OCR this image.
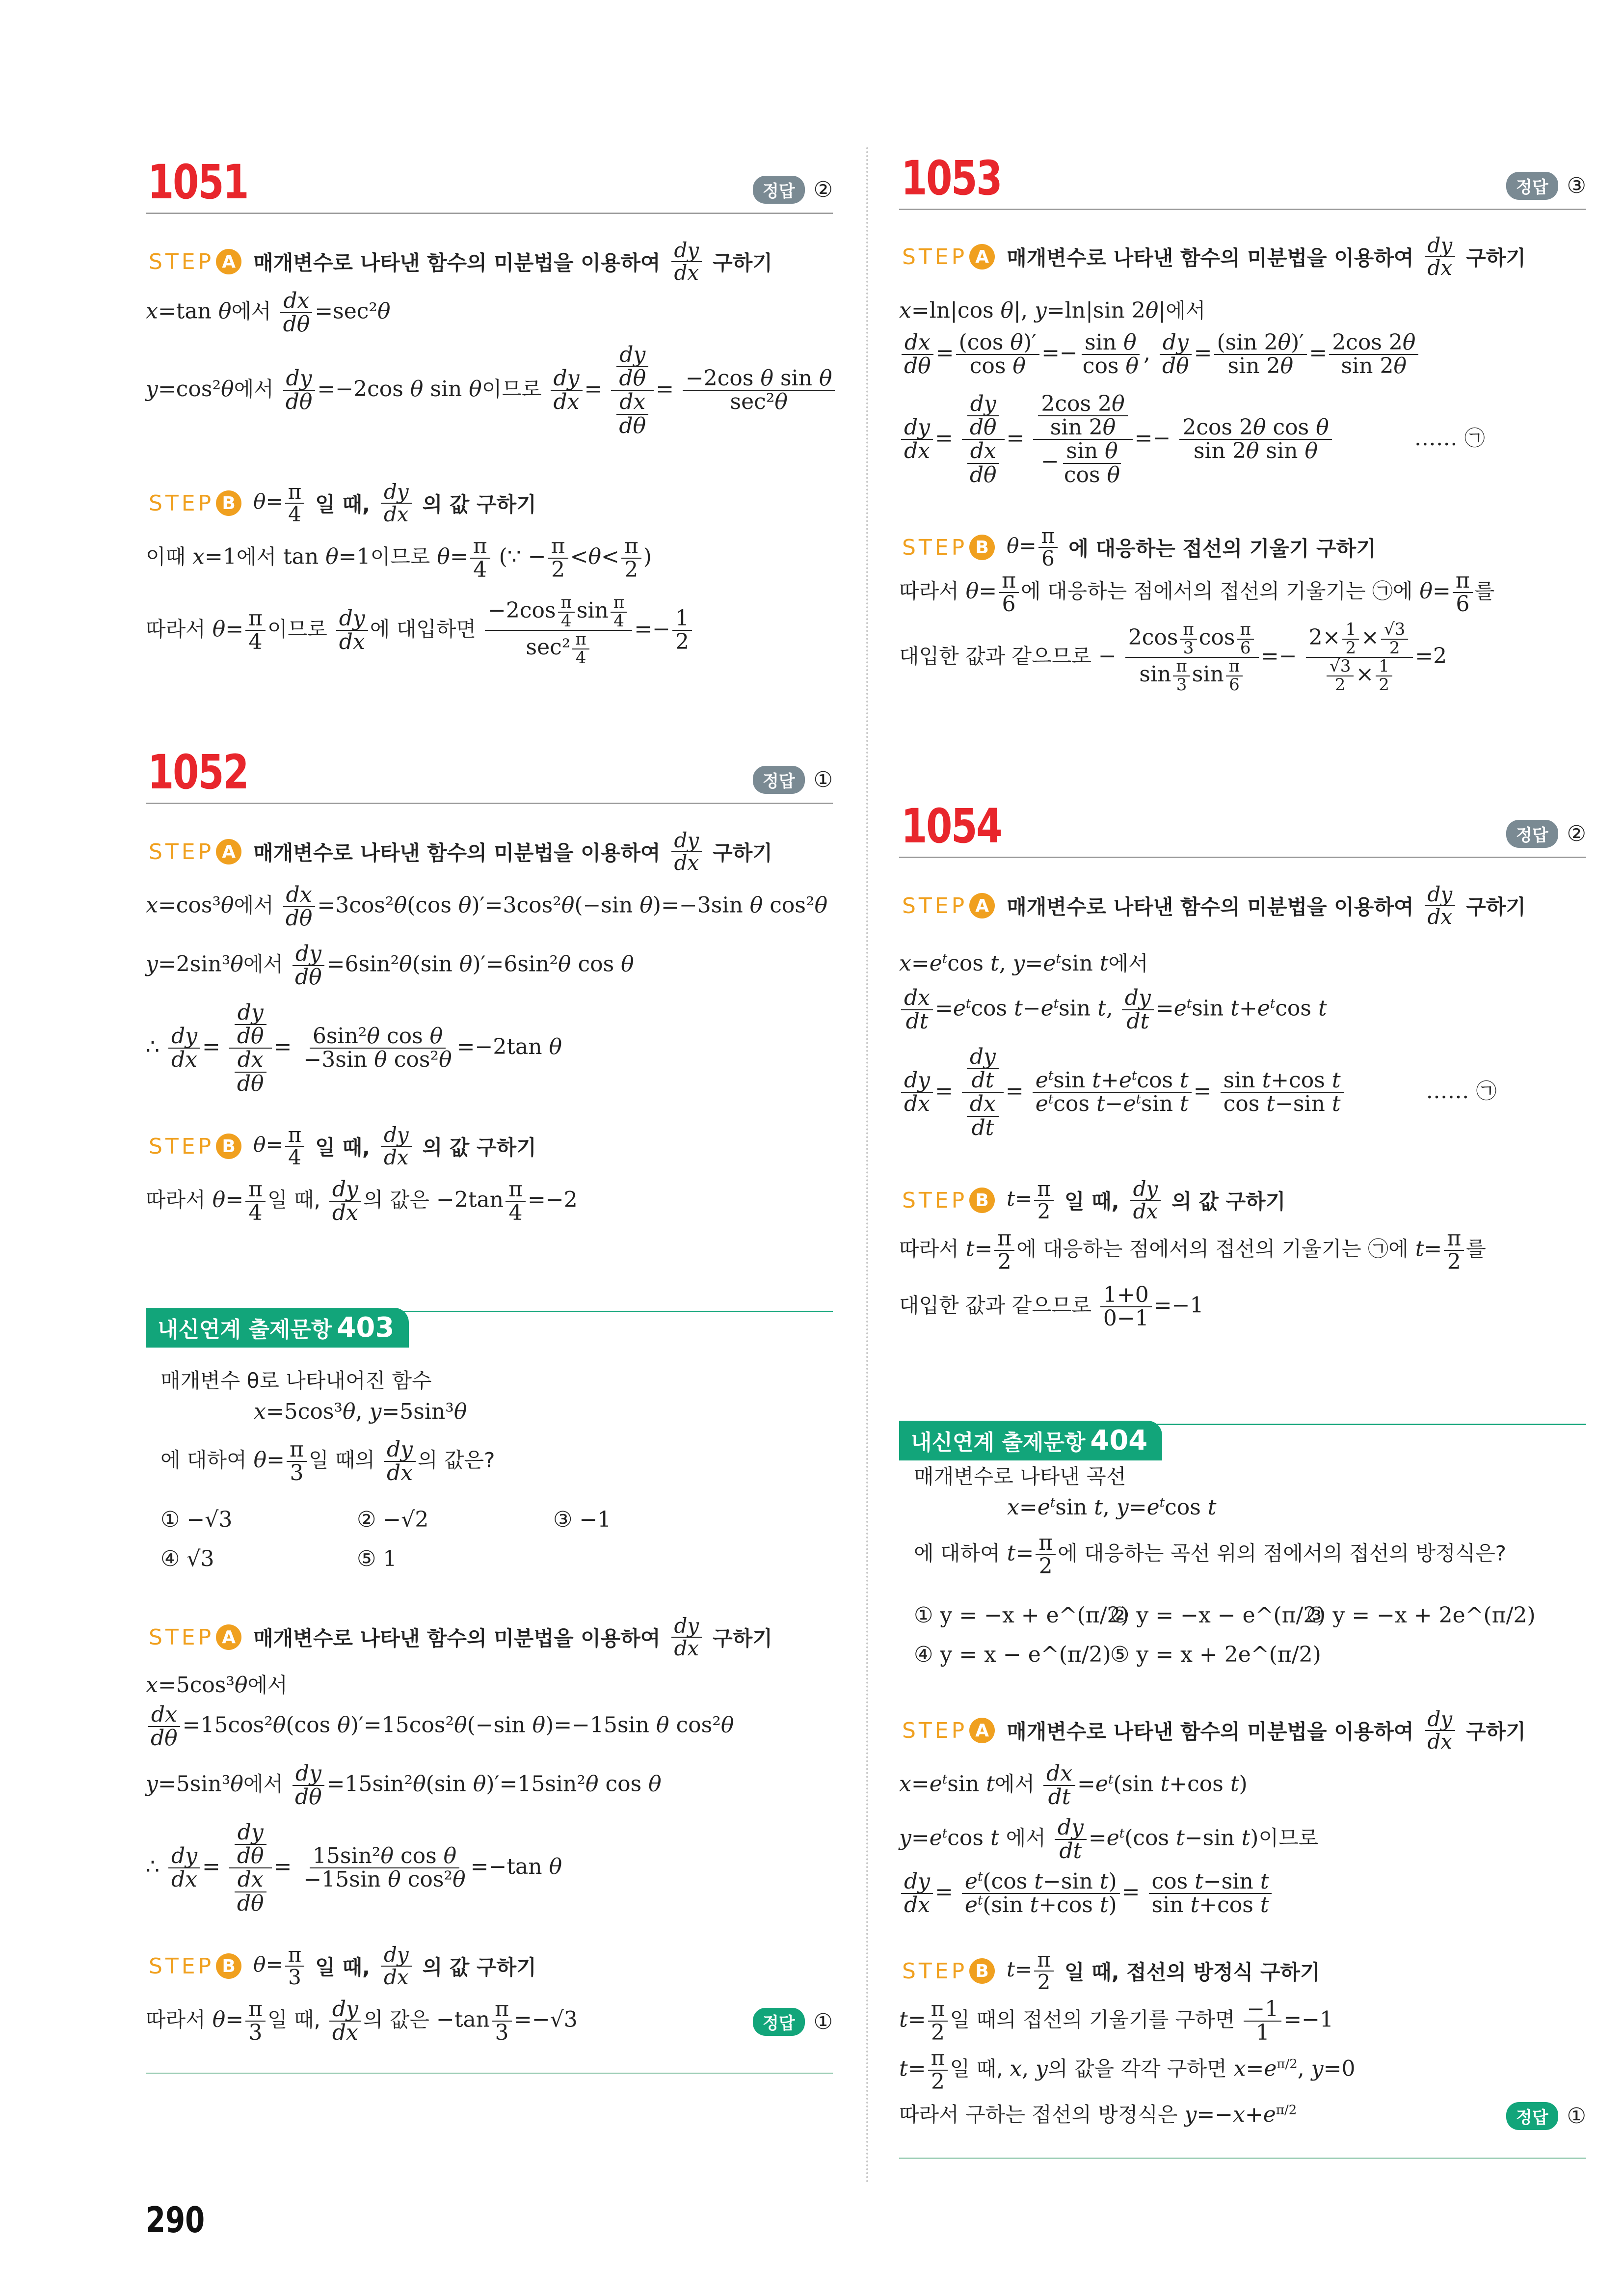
1051	정답 ②
STEP A 매개변수로 나타낸 함수의 미분법을 이용하여 $\frac{dy}{dx}$ 구하기
x=tan θ에서 $\frac{dx}{d\theta} =\sec^2\theta$
y=cos²θ에서 $\frac{dy}{d\theta} =-2\cos$ θ sin θ이므로 $\frac{dy}{dx} = \frac{\frac{dy}{d\theta}}{\frac{dx}{d\theta}} = \frac{\text{−2cos θ sin θ}}{\text{sec²θ}}$
STEP B $\theta= \frac{\pi}{4}$ 일 때, $\frac{dy}{dx}$ 의 값 구하기
이때 x=1에서 tan θ=1이므로 $\theta= \frac{\pi}{4}$ (∵ − $\frac{\pi}{2} <\theta< \frac{\pi}{2}$ )
따라서 $\theta= \frac{\pi}{4}$ 이므로 $\frac{dy}{dx}$ 에 대입하면 $\frac{-2\cos \frac{\pi}{4} \sin \frac{\pi}{4}}{\sec^2 \frac{\pi}{4}} =- \frac{1}{2}$
1052	정답 ①
STEP A 매개변수로 나타낸 함수의 미분법을 이용하여 $\frac{dy}{dx}$ 구하기
x=cos³θ에서 $\frac{dx}{d\theta} =3\cos^2\theta(\cos$ θ)′=3cos²θ(−sin θ)=−3sin θ cos²θ
y=2sin³θ에서 $\frac{dy}{d\theta} =6\sin^2\theta(\sin$ θ)′=6sin²θ cos θ
∴ $\frac{dy}{dx} = \frac{\frac{dy}{d\theta}}{\frac{dx}{d\theta}} = \frac{\text{6sin²θ cos θ}}{\text{−3sin θ cos²θ}} =-2\tan$ θ
STEP B $\theta= \frac{\pi}{4}$ 일 때, $\frac{dy}{dx}$ 의 값 구하기
따라서 $\theta= \frac{\pi}{4}$ 일 때, $\frac{dy}{dx}$ 의 값은 $-2\tan \frac{\pi}{4} =-2$
내신연계 출제문항 403
매개변수 θ로 나타내어진 함수
x=5cos³θ, y=5sin³θ
에 대하여 $\theta= \frac{\pi}{3}$ 일 때의 $\frac{dy}{dx}$ 의 값은?
① −√3	② −√2	③ −1
④ √3	⑤ 1
STEP A 매개변수로 나타낸 함수의 미분법을 이용하여 $\frac{dy}{dx}$ 구하기
x=5cos³θ에서
$\frac{dx}{d\theta} =15\cos^2\theta(\cos$ θ)′=15cos²θ(−sin θ)=−15sin θ cos²θ
y=5sin³θ에서 $\frac{dy}{d\theta} =15\sin^2\theta(\sin$ θ)′=15sin²θ cos θ
∴ $\frac{dy}{dx} = \frac{\frac{dy}{d\theta}}{\frac{dx}{d\theta}} = \frac{\text{15sin²θ cos θ}}{\text{−15sin θ cos²θ}} =-\tan$ θ
STEP B $\theta= \frac{\pi}{3}$ 일 때, $\frac{dy}{dx}$ 의 값 구하기
따라서 $\theta= \frac{\pi}{3}$ 일 때, $\frac{dy}{dx}$ 의 값은 $-\tan \frac{\pi}{3} =-√3$	정답 ①
1053	정답 ③
STEP A 매개변수로 나타낸 함수의 미분법을 이용하여 $\frac{dy}{dx}$ 구하기
x=ln|cos θ|, y=ln|sin 2θ|에서
$\frac{dx}{d\theta} = \frac{\text{(cos θ)′}}{\text{cos θ}} =- \frac{\text{sin θ}}{\text{cos θ}}$ , $\frac{dy}{d\theta} = \frac{(\sin 2\theta)'}{\sin 2\theta} = \frac{2\cos 2\theta}{\sin 2\theta}$
$\frac{dy}{dx} = \frac{\frac{dy}{d\theta}}{\frac{dx}{d\theta}} = \frac{\frac{2\cos 2\theta}{\sin 2\theta}}{- \frac{\text{sin θ}}{\text{cos θ}}} =- \frac{\text{2cos 2θ cos θ}}{\text{sin 2θ sin θ}}$	…… ㉠
STEP B $\theta= \frac{\pi}{6}$ 에 대응하는 접선의 기울기 구하기
따라서 $\theta= \frac{\pi}{6}$ 에 대응하는 점에서의 접선의 기울기는 ㉠에 $\theta= \frac{\pi}{6}$ 를
대입한 값과 같으므로 − $\frac{2\cos \frac{\pi}{3} \cos \frac{\pi}{6}}{\sin \frac{\pi}{3} \sin \frac{\pi}{6}} =- \frac{2\times \frac{1}{2} \times \frac{√3}{2}}{\frac{√3}{2} \times \frac{1}{2}} =2$
1054	정답 ②
STEP A 매개변수로 나타낸 함수의 미분법을 이용하여 $\frac{dy}{dx}$ 구하기
$x=e^t\cos$ t, $y=e^t\sin$ t에서
$\frac{dx}{dt} =e^t\cos$ $t-e^t\sin$ t, $\frac{dy}{dt} =e^t\sin$ $t+e^t\cos$ t
$\frac{dy}{dx} = \frac{\frac{dy}{dt}}{\frac{dx}{dt}} = \frac{e^t\sin t+e^t\cos t}{e^t\cos t-e^t\sin t} = \frac{\text{sin t+cos t}}{\text{cos t−sin t}}$	…… ㉠
STEP B $t= \frac{\pi}{2}$ 일 때, $\frac{dy}{dx}$ 의 값 구하기
따라서 $t= \frac{\pi}{2}$ 에 대응하는 점에서의 접선의 기울기는 ㉠에 $t= \frac{\pi}{2}$ 를
대입한 값과 같으므로 $\frac{1+0}{0-1} =-1$
내신연계 출제문항 404
매개변수로 나타낸 곡선
$x=e^t\sin$ t, $y=e^t\cos$ t
에 대하여 $t= \frac{\pi}{2}$ 에 대응하는 곡선 위의 점에서의 접선의 방정식은?
① y = −x + e^(π/2)
② y = −x − e^(π/2)
③ y = −x + 2e^(π/2)
④ y = x − e^(π/2)
⑤ y = x + 2e^(π/2)
STEP A 매개변수로 나타낸 함수의 미분법을 이용하여 $\frac{dy}{dx}$ 구하기
$x=e^t\sin$ t에서 $\frac{dx}{dt} =e^t(\sin$ t+cos t)
$y=e^t\cos$ t 에서 $\frac{dy}{dt} =e^t(\cos$ t−sin t)이므로
$\frac{dy}{dx} = \frac{e^t(\cos t-\sin t)}{e^t(\sin t+\cos t)} = \frac{\text{cos t−sin t}}{\text{sin t+cos t}}$
STEP B $t= \frac{\pi}{2}$ 일 때, 접선의 방정식 구하기
$t= \frac{\pi}{2}$ 일 때의 접선의 기울기를 구하면 $\frac{-1}{1} =-1$
$t= \frac{\pi}{2}$ 일 때, x, y의 값을 각각 구하면 $x=e^{\pi/2}$, y=0
따라서 구하는 접선의 방정식은 $y=-x+e^{\pi/2}$	정답 ①
290
